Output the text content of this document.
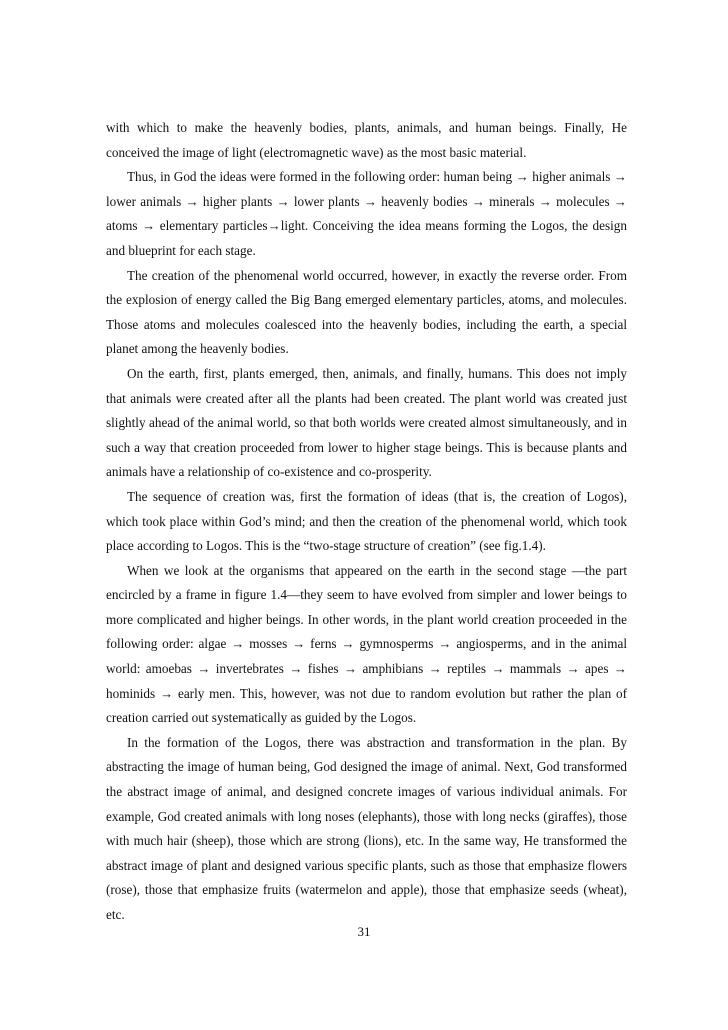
with which to make the heavenly bodies, plants, animals, and human beings. Finally, He conceived the image of light (electromagnetic wave) as the most basic material.

Thus, in God the ideas were formed in the following order: human being → higher animals → lower animals → higher plants → lower plants → heavenly bodies → minerals → molecules → atoms → elementary particles→light. Conceiving the idea means forming the Logos, the design and blueprint for each stage.

The creation of the phenomenal world occurred, however, in exactly the reverse order. From the explosion of energy called the Big Bang emerged elementary particles, atoms, and molecules. Those atoms and molecules coalesced into the heavenly bodies, including the earth, a special planet among the heavenly bodies.

On the earth, first, plants emerged, then, animals, and finally, humans. This does not imply that animals were created after all the plants had been created. The plant world was created just slightly ahead of the animal world, so that both worlds were created almost simultaneously, and in such a way that creation proceeded from lower to higher stage beings. This is because plants and animals have a relationship of co-existence and co-prosperity.

The sequence of creation was, first the formation of ideas (that is, the creation of Logos), which took place within God’s mind; and then the creation of the phenomenal world, which took place according to Logos. This is the “two-stage structure of creation” (see fig.1.4).

When we look at the organisms that appeared on the earth in the second stage —the part encircled by a frame in figure 1.4—they seem to have evolved from simpler and lower beings to more complicated and higher beings. In other words, in the plant world creation proceeded in the following order: algae → mosses → ferns → gymnosperms → angiosperms, and in the animal world: amoebas → invertebrates → fishes → amphibians → reptiles → mammals → apes → hominids → early men. This, however, was not due to random evolution but rather the plan of creation carried out systematically as guided by the Logos.

In the formation of the Logos, there was abstraction and transformation in the plan. By abstracting the image of human being, God designed the image of animal. Next, God transformed the abstract image of animal, and designed concrete images of various individual animals. For example, God created animals with long noses (elephants), those with long necks (giraffes), those with much hair (sheep), those which are strong (lions), etc. In the same way, He transformed the abstract image of plant and designed various specific plants, such as those that emphasize flowers (rose), those that emphasize fruits (watermelon and apple), those that emphasize seeds (wheat), etc.

31
